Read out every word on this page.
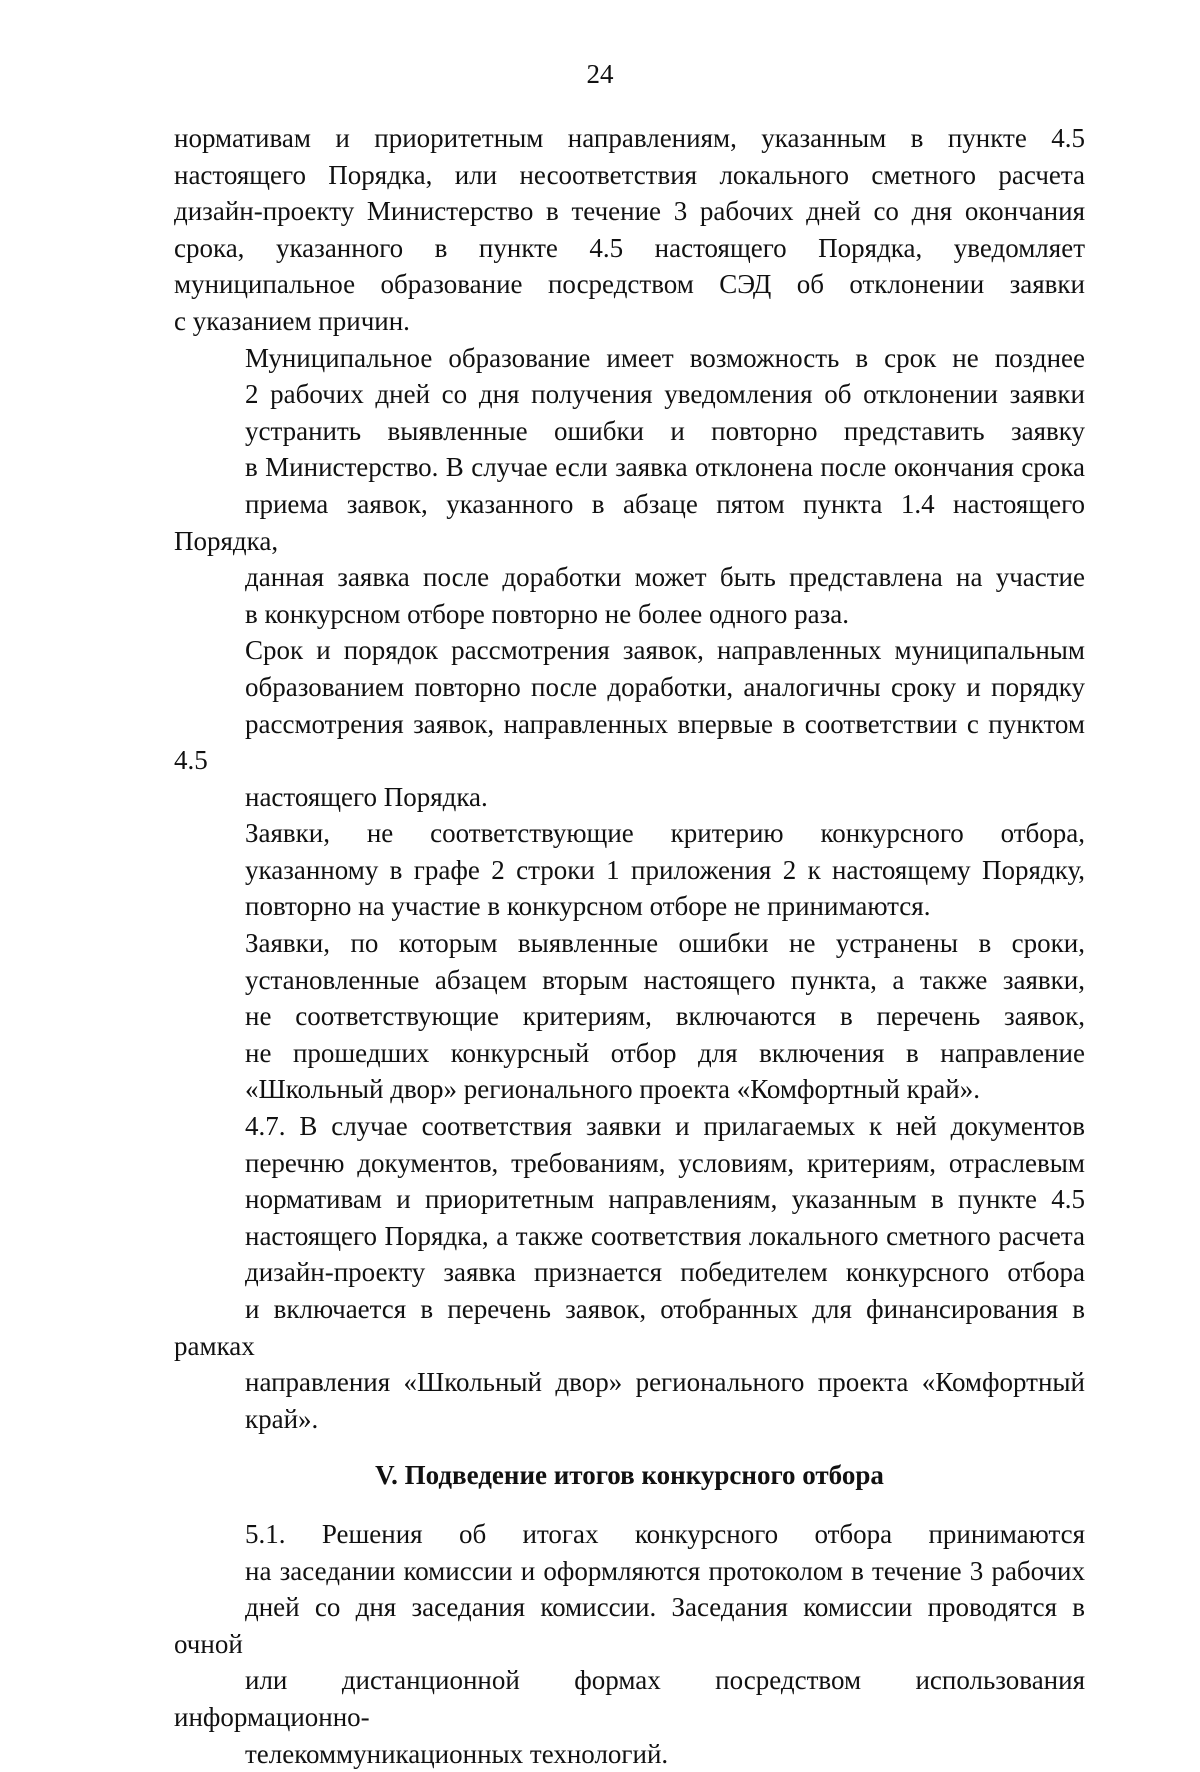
24
нормативам и приоритетным направлениям, указанным в пункте 4.5
настоящего Порядка, или несоответствия локального сметного расчета
дизайн-проекту Министерство в течение 3 рабочих дней со дня окончания
срока, указанного в пункте 4.5 настоящего Порядка, уведомляет
муниципальное образование посредством СЭД об отклонении заявки
с указанием причин.
Муниципальное образование имеет возможность в срок не позднее
2 рабочих дней со дня получения уведомления об отклонении заявки
устранить выявленные ошибки и повторно представить заявку
в Министерство. В случае если заявка отклонена после окончания срока
приема заявок, указанного в абзаце пятом пункта 1.4 настоящего Порядка,
данная заявка после доработки может быть представлена на участие
в конкурсном отборе повторно не более одного раза.
Срок и порядок рассмотрения заявок, направленных муниципальным
образованием повторно после доработки, аналогичны сроку и порядку
рассмотрения заявок, направленных впервые в соответствии с пунктом 4.5
настоящего Порядка.
Заявки, не соответствующие критерию конкурсного отбора,
указанному в графе 2 строки 1 приложения 2 к настоящему Порядку,
повторно на участие в конкурсном отборе не принимаются.
Заявки, по которым выявленные ошибки не устранены в сроки,
установленные абзацем вторым настоящего пункта, а также заявки,
не соответствующие критериям, включаются в перечень заявок,
не прошедших конкурсный отбор для включения в направление
«Школьный двор» регионального проекта «Комфортный край».
4.7. В случае соответствия заявки и прилагаемых к ней документов
перечню документов, требованиям, условиям, критериям, отраслевым
нормативам и приоритетным направлениям, указанным в пункте 4.5
настоящего Порядка, а также соответствия локального сметного расчета
дизайн-проекту заявка признается победителем конкурсного отбора
и включается в перечень заявок, отобранных для финансирования в рамках
направления «Школьный двор» регионального проекта «Комфортный
край».
V. Подведение итогов конкурсного отбора
5.1. Решения об итогах конкурсного отбора принимаются
на заседании комиссии и оформляются протоколом в течение 3 рабочих
дней со дня заседания комиссии. Заседания комиссии проводятся в очной
или дистанционной формах посредством использования информационно-
телекоммуникационных технологий.
